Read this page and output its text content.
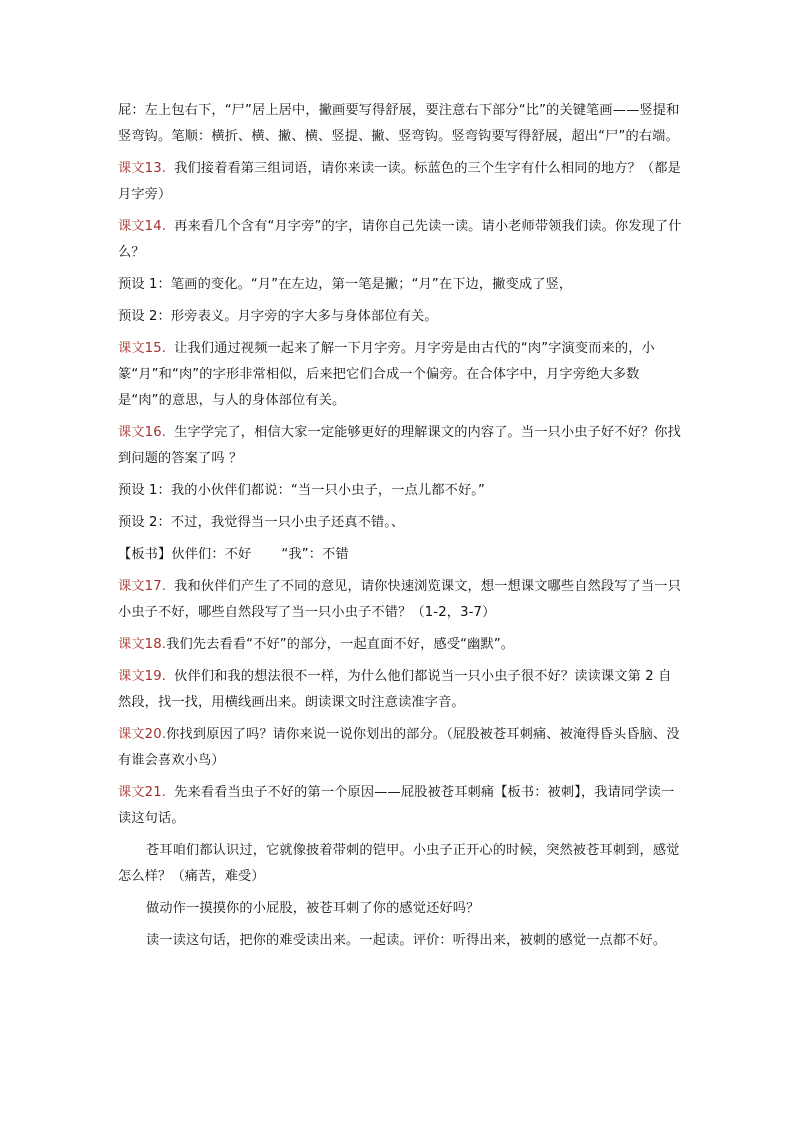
屁：左上包右下，“尸”居上居中，撇画要写得舒展，要注意右下部分“比”的关键笔画——竖提和竖弯钩。笔顺：横折、横、撇、横、竖提、撇、竖弯钩。竖弯钩要写得舒展，超出“尸”的右端。

课文13. 我们接着看第三组词语，请你来读一读。标蓝色的三个生字有什么相同的地方？（都是月字旁）

课文14. 再来看几个含有“月字旁”的字，请你自己先读一读。请小老师带领我们读。你发现了什么？

预设 1：笔画的变化。“月”在左边，第一笔是撇；“月”在下边，撇变成了竖，

预设 2：形旁表义。月字旁的字大多与身体部位有关。

课文15. 让我们通过视频一起来了解一下月字旁。月字旁是由古代的“肉”字演变而来的，小篆“月”和“肉”的字形非常相似，后来把它们合成一个偏旁。在合体字中，月字旁绝大多数是“肉”的意思，与人的身体部位有关。

课文16. 生字学完了，相信大家一定能够更好的理解课文的内容了。当一只小虫子好不好？你找到问题的答案了吗 ？

预设 1：我的小伙伴们都说：“当一只小虫子，一点儿都不好。”

预设 2：不过，我觉得当一只小虫子还真不错。、

【板书】伙伴们：不好 “我”：不错

课文17. 我和伙伴们产生了不同的意见，请你快速浏览课文，想一想课文哪些自然段写了当一只小虫子不好，哪些自然段写了当一只小虫子不错？（1-2，3-7）

课文18.我们先去看看“不好”的部分，一起直面不好，感受“幽默”。

课文19. 伙伴们和我的想法很不一样，为什么他们都说当一只小虫子很不好？读读课文第 2 自然段，找一找，用横线画出来。朗读课文时注意读准字音。

课文20.你找到原因了吗？请你来说一说你划出的部分。（屁股被苍耳刺痛、被淹得昏头昏脑、没有谁会喜欢小鸟）

课文21. 先来看看当虫子不好的第一个原因——屁股被苍耳刺痛【板书：被刺】，我请同学读一读这句话。

苍耳咱们都认识过，它就像披着带刺的铠甲。小虫子正开心的时候，突然被苍耳刺到，感觉怎么样？（痛苦，难受）

做动作一摸摸你的小屁股，被苍耳刺了你的感觉还好吗？

读一读这句话，把你的难受读出来。一起读。评价：听得出来，被刺的感觉一点都不好。
